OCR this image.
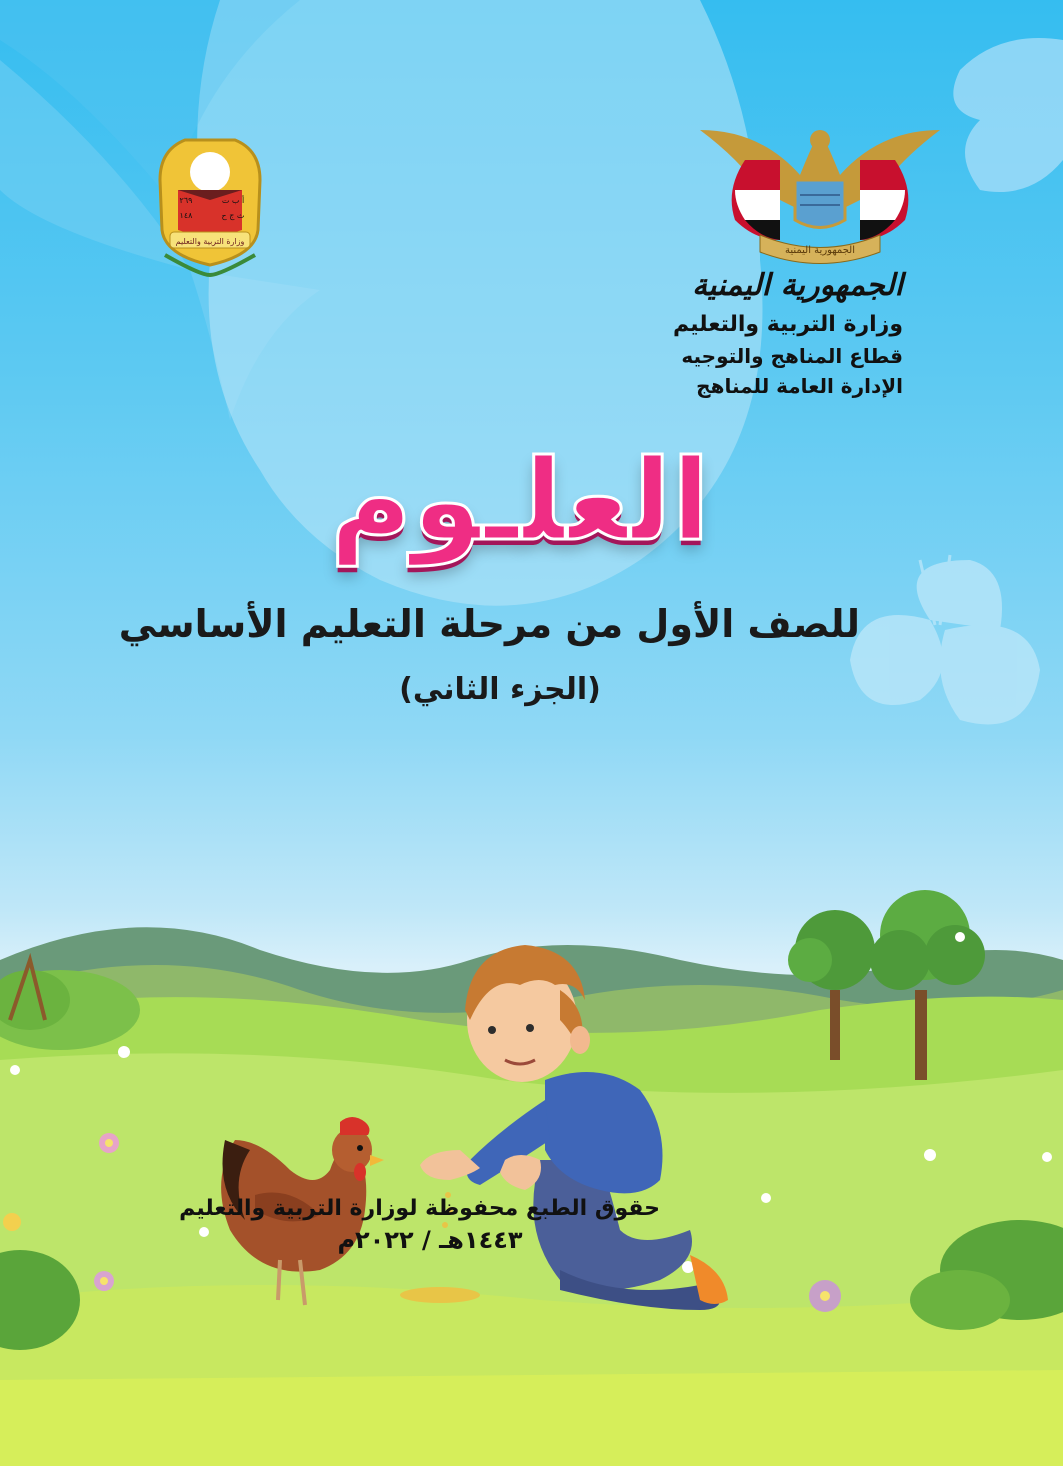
أ ب ت
ث ج ح
٢٦٩
١٤٨
وزارة التربية والتعليم
الجمهورية اليمنية
الجمهورية اليمنية
وزارة التربية والتعليم
قطاع المناهج والتوجيه
الإدارة العامة للمناهج
العلـوم
للصف الأول من مرحلة التعليم الأساسي
(الجزء الثاني)
حقوق الطبع محفوظة لوزارة التربية والتعليم
١٤٤٣هـ / ٢٠٢٢م
